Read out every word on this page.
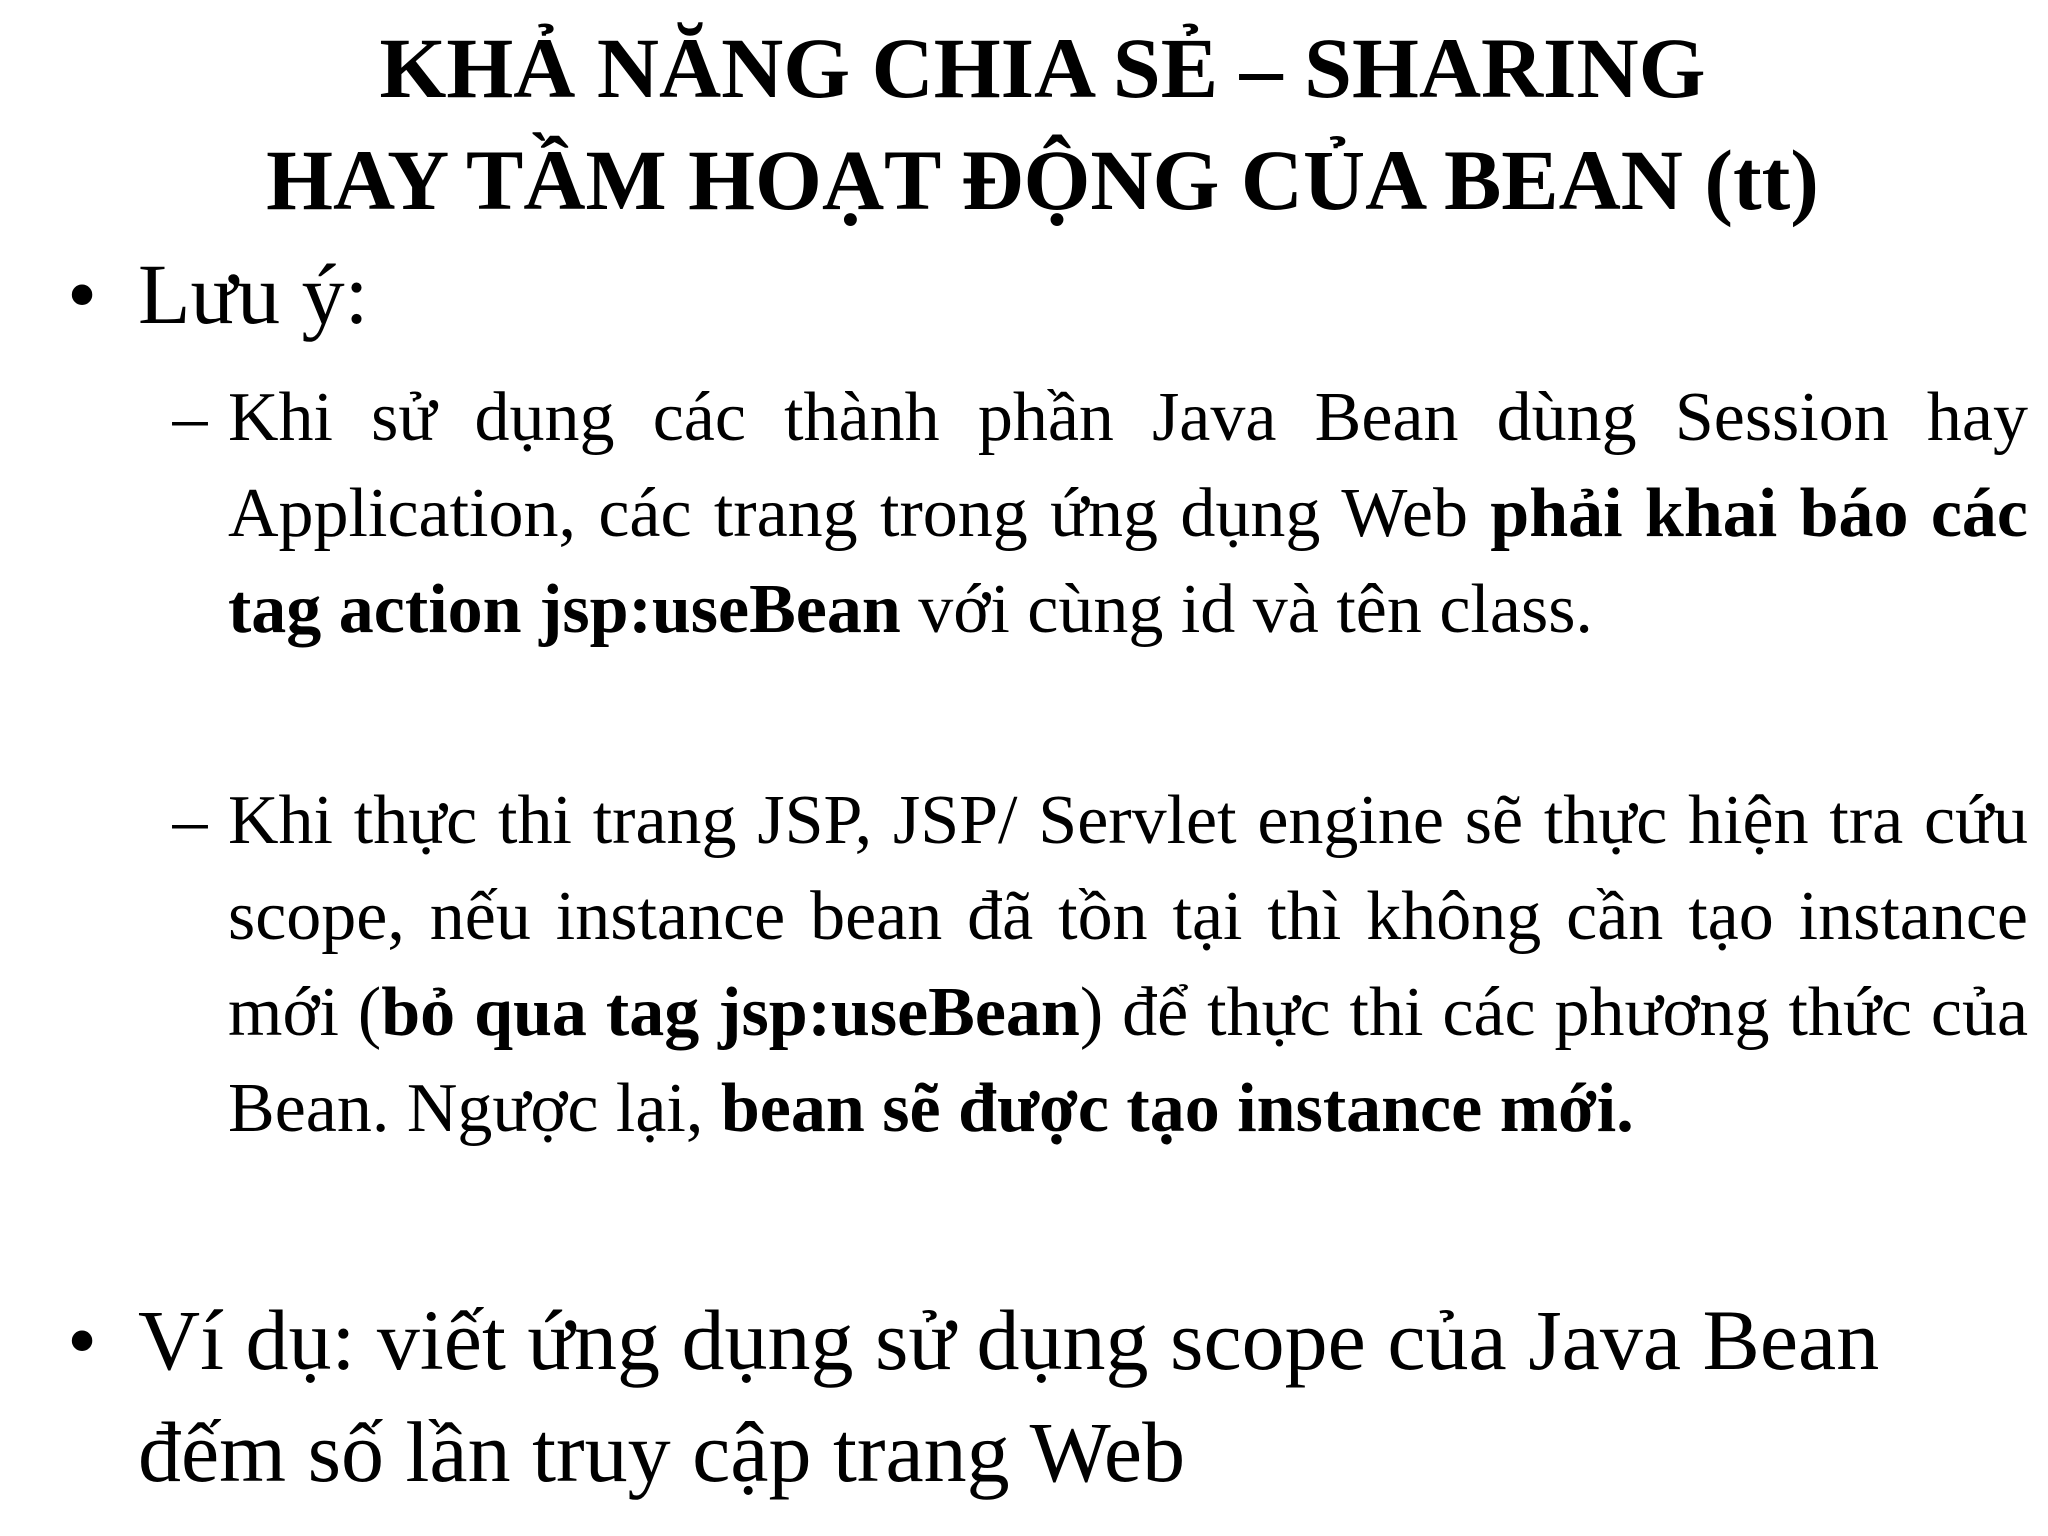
KHẢ NĂNG CHIA SẺ – SHARING
HAY TẦM HOẠT ĐỘNG CỦA BEAN (tt)
• Lưu ý:
– Khi sử dụng các thành phần Java Bean dùng Session hay Application, các trang trong ứng dụng Web phải khai báo các tag action jsp:useBean với cùng id và tên class.
– Khi thực thi trang JSP, JSP/ Servlet engine sẽ thực hiện tra cứu scope, nếu instance bean đã tồn tại thì không cần tạo instance mới (bỏ qua tag jsp:useBean) để thực thi các phương thức của Bean. Ngược lại, bean sẽ được tạo instance mới.
• Ví dụ: viết ứng dụng sử dụng scope của Java Bean đếm số lần truy cập trang Web
